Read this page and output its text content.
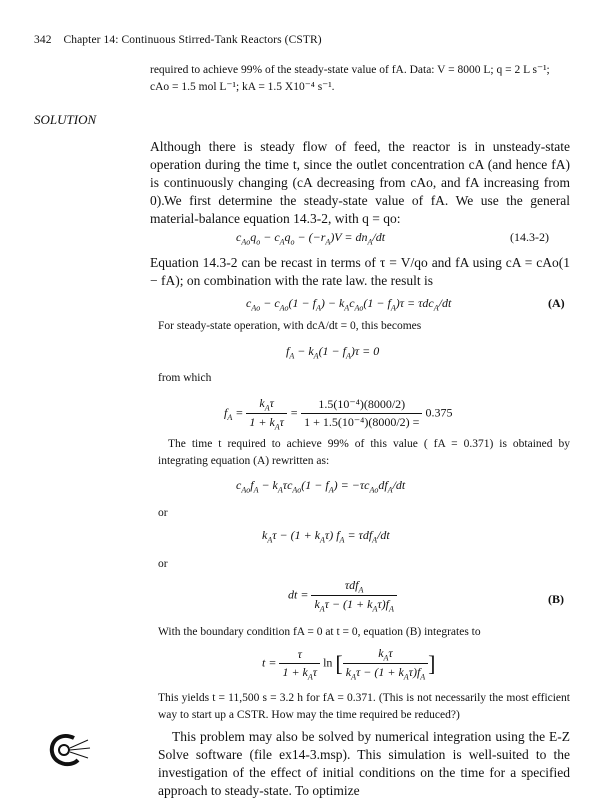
342 Chapter 14: Continuous Stirred-Tank Reactors (CSTR)
required to achieve 99% of the steady-state value of fA. Data: V = 8000 L; q = 2 L s⁻¹;
cAo = 1.5 mol L⁻¹; kA = 1.5 X10⁻⁴ s⁻¹.
SOLUTION
Although there is steady flow of feed, the reactor is in unsteady-state operation during the time t, since the outlet concentration cA (and hence fA) is continuously changing (cA decreasing from cAo, and fA increasing from 0). We first determine the steady-state value of fA. We use the general material-balance equation 14.3-2, with q = qo:
$c_{Ao}q_o - c_Aq_o - (-r_A)V = dn_A/dt$	(14.3-2)
Equation 14.3-2 can be recast in terms of τ = V/qo and fA using cA = cAo(1 − fA); on combination with the rate law. the result is
$c_{Ao} - c_{Ao}(1 - f_A) - k_Ac_{Ao}(1 - f_A)\tau = \tau dc_A/dt$	(A)
For steady-state operation, with dcA/dt = 0, this becomes
$f_A - k_A(1 - f_A)\tau = 0$
from which
$f_A = \frac{k_A\tau}{1 + k_A\tau} = \frac{\text{1.5(10⁻⁴)(8000/2)}}{\text{1 + 1.5(10⁻⁴)(8000/2) =}} 0.375$
The time t required to achieve 99% of this value ( fA = 0.371) is obtained by integrating equation (A) rewritten as:
$c_{Ao}f_A - k_A\tau c_{Ao}(1 - f_A) = -\tau c_{Ao}df_A/dt$
or
$k_A\tau - (1 + k_A\tau) f_A = \tau df_A/dt$
or
dt = $\frac{\tau df_A}{k_A\tau - (1 + k_A\tau)f_A}$	(B)
With the boundary condition fA = 0 at t = 0, equation (B) integrates to
$t = \frac{\tau}{1 + k_A\tau}$ ln [ $\frac{k_A\tau}{k_A\tau - (1 + k_A\tau)f_A}$ ]
This yields t = 11,500 s = 3.2 h for fA = 0.371. (This is not necessarily the most efficient way to start up a CSTR. How may the time required be reduced?)
This problem may also be solved by numerical integration using the E-Z Solve software (file ex14-3.msp). This simulation is well-suited to the investigation of the effect of initial conditions on the time for a specified approach to steady-state. To optimize
